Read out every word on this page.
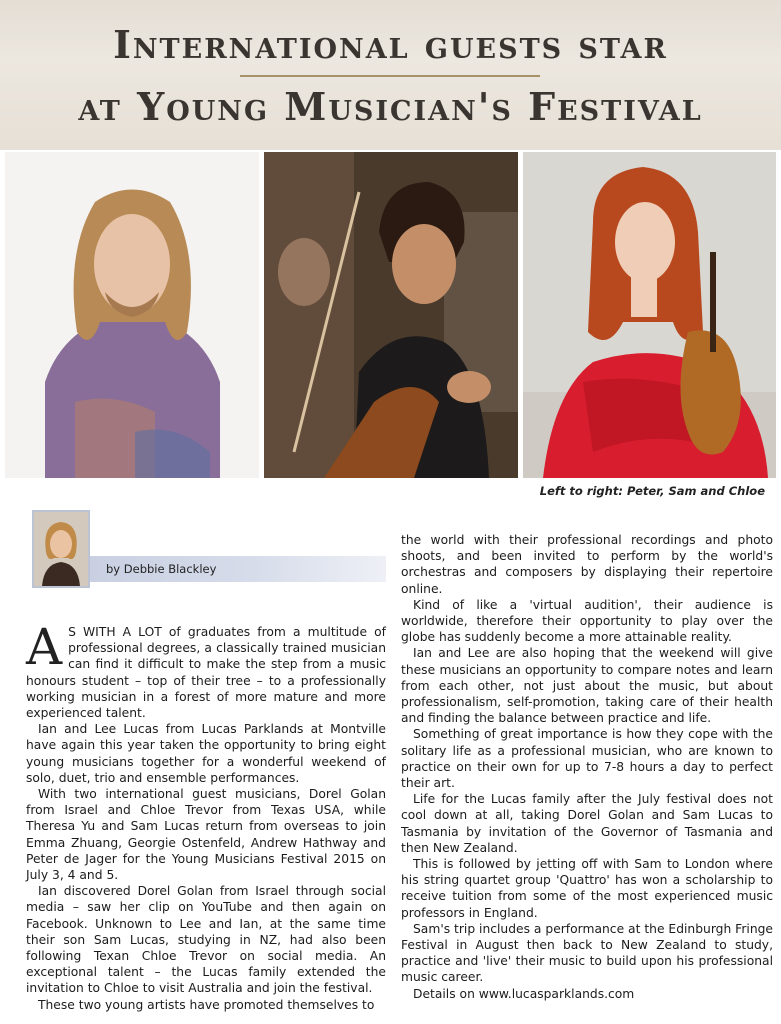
International guests star
at Young Musician's Festival
Left to right: Peter, Sam and Chloe
by Debbie Blackley

A S WITH A LOT of graduates from a multitude of professional degrees, a classically trained musician can find it difficult to make the step from a music honours student – top of their tree – to a professionally working musician in a forest of more mature and more experienced talent.

Ian and Lee Lucas from Lucas Parklands at Montville have again this year taken the opportunity to bring eight young musicians together for a wonderful weekend of solo, duet, trio and ensemble performances.

With two international guest musicians, Dorel Golan from Israel and Chloe Trevor from Texas USA, while Theresa Yu and Sam Lucas return from overseas to join Emma Zhuang, Georgie Ostenfeld, Andrew Hathway and Peter de Jager for the Young Musicians Festival 2015 on July 3, 4 and 5.

Ian discovered Dorel Golan from Israel through social media – saw her clip on YouTube and then again on Facebook. Unknown to Lee and Ian, at the same time their son Sam Lucas, studying in NZ, had also been following Texan Chloe Trevor on social media. An exceptional talent – the Lucas family extended the invitation to Chloe to visit Australia and join the festival.

These two young artists have promoted themselves to

the world with their professional recordings and photo shoots, and been invited to perform by the world's orchestras and composers by displaying their repertoire online.

Kind of like a 'virtual audition', their audience is worldwide, therefore their opportunity to play over the globe has suddenly become a more attainable reality.

Ian and Lee are also hoping that the weekend will give these musicians an opportunity to compare notes and learn from each other, not just about the music, but about professionalism, self-promotion, taking care of their health and finding the balance between practice and life.

Something of great importance is how they cope with the solitary life as a professional musician, who are known to practice on their own for up to 7-8 hours a day to perfect their art.

Life for the Lucas family after the July festival does not cool down at all, taking Dorel Golan and Sam Lucas to Tasmania by invitation of the Governor of Tasmania and then New Zealand.

This is followed by jetting off with Sam to London where his string quartet group 'Quattro' has won a scholarship to receive tuition from some of the most experienced music professors in England.

Sam's trip includes a performance at the Edinburgh Fringe Festival in August then back to New Zealand to study, practice and 'live' their music to build upon his professional music career.

Details on www.lucasparklands.com
